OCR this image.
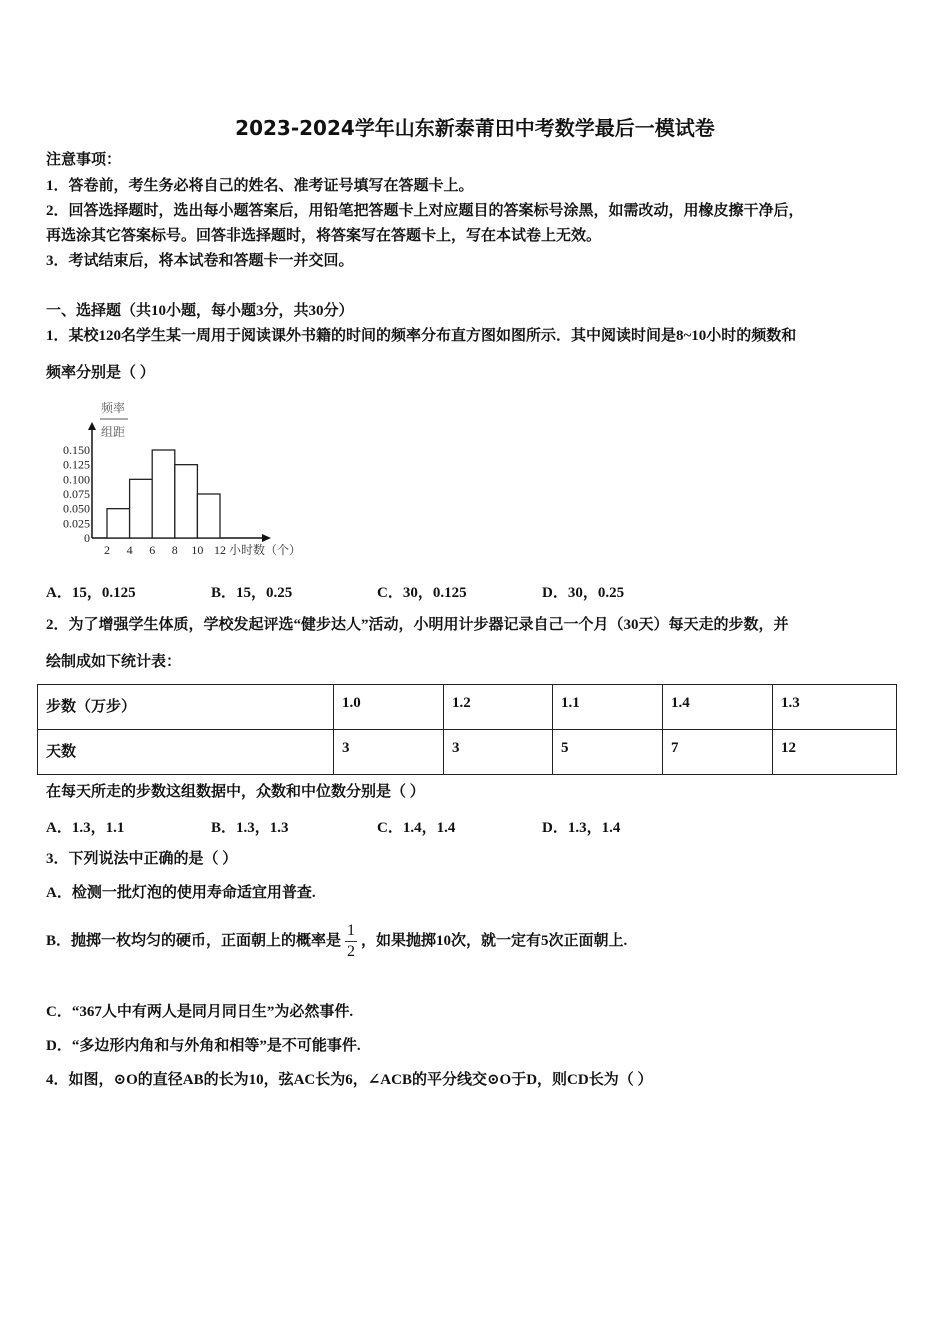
2023-2024学年山东新泰莆田中考数学最后一模试卷
注意事项：
1．答卷前，考生务必将自己的姓名、准考证号填写在答题卡上。
2．回答选择题时，选出每小题答案后，用铅笔把答题卡上对应题目的答案标号涂黑，如需改动，用橡皮擦干净后，
再选涂其它答案标号。回答非选择题时，将答案写在答题卡上，写在本试卷上无效。
3．考试结束后，将本试卷和答题卡一并交回。
一、选择题（共10小题，每小题3分，共30分）
1．某校120名学生某一周用于阅读课外书籍的时间的频率分布直方图如图所示．其中阅读时间是8~10小时的频数和
频率分别是（ ）
频率
组距
0
0.025
0.050
0.075
0.100
0.125
0.150
2 4 6 8 10 12 小时数（个）
A．15，0.125	B．15，0.25	C．30，0.125	D．30，0.25
2．为了增强学生体质，学校发起评选“健步达人”活动，小明用计步器记录自己一个月（30天）每天走的步数，并
绘制成如下统计表：
步数（万步）	1.0	1.2	1.1	1.4	1.3
天数	3	3	5	7	12
在每天所走的步数这组数据中，众数和中位数分别是（ ）
A．1.3，1.1	B．1.3，1.3	C．1.4，1.4	D．1.3，1.4
3．下列说法中正确的是（ ）
A．检测一批灯泡的使用寿命适宜用普查.
B．抛掷一枚均匀的硬币，正面朝上的概率是 $\frac{1}{2}$ ，如果抛掷10次，就一定有5次正面朝上.
C．“367人中有两人是同月同日生”为必然事件.
D．“多边形内角和与外角和相等”是不可能事件.
4．如图，⊙O的直径AB的长为10，弦AC长为6，∠ACB的平分线交⊙O于D，则CD长为（ ）
